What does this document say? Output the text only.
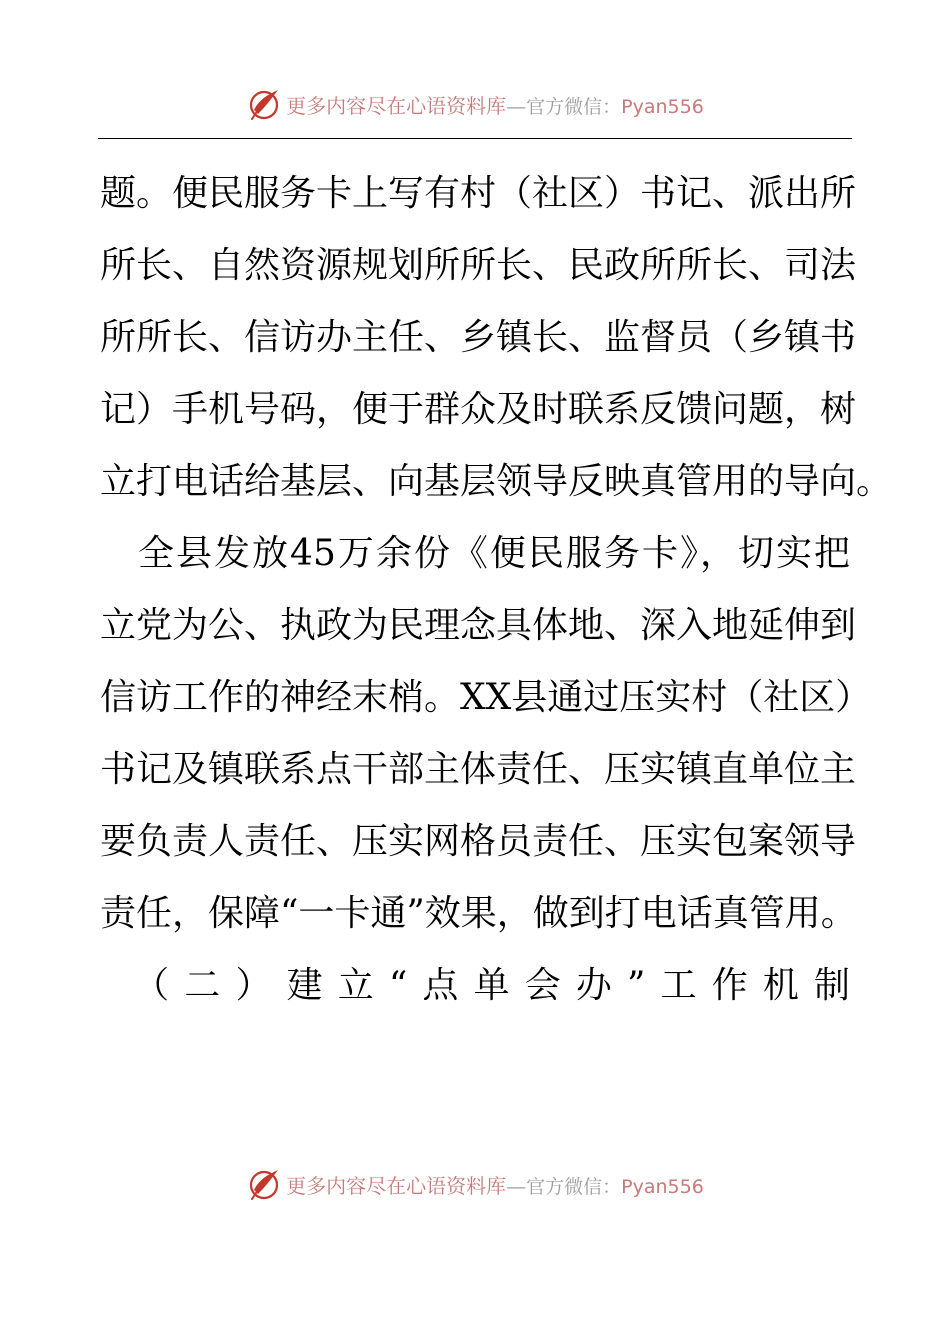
更多内容尽在心语资料库—官方微信：Pyan556
题。便民服务卡上写有村（社区）书记、派出所
所长、自然资源规划所所长、民政所所长、司法
所所长、信访办主任、乡镇长、监督员（乡镇书
记）手机号码，便于群众及时联系反馈问题，树
立打电话给基层、向基层领导反映真管用的导向。
　全县发放45万余份《便民服务卡》，切实把
立党为公、执政为民理念具体地、深入地延伸到
信访工作的神经末梢。XX县通过压实村（社区）
书记及镇联系点干部主体责任、压实镇直单位主
要负责人责任、压实网格员责任、压实包案领导
责任，保障“一卡通”效果，做到打电话真管用。
　（二）建立“点单会办”工作机制
更多内容尽在心语资料库—官方微信：Pyan556
